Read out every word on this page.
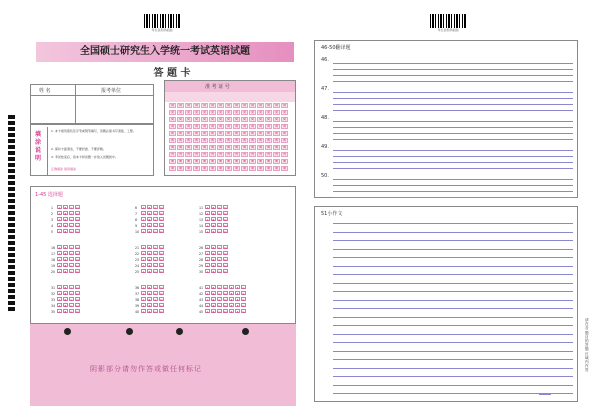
考生条形码粘贴
全国硕士研究生入学统一考试英语试题
答 题 卡
姓 名	报考单位
填涂说明
1. 本卡须用黑色签字笔或钢笔填写，答题必须书写清楚、工整。
2. 保持卡面清洁，不要折叠、不要弄破。
3. 考试结束后，将本卡和试题一并放入试题袋中。
正确填涂 错误填涂
准 考 证 号
[0]
[1]
[2]
[3]
[4]
[5]
[6]
[7]
[8]
[9]
[0]
[1]
[2]
[3]
[4]
[5]
[6]
[7]
[8]
[9]
[0]
[1]
[2]
[3]
[4]
[5]
[6]
[7]
[8]
[9]
[0]
[1]
[2]
[3]
[4]
[5]
[6]
[7]
[8]
[9]
[0]
[1]
[2]
[3]
[4]
[5]
[6]
[7]
[8]
[9]
[0]
[1]
[2]
[3]
[4]
[5]
[6]
[7]
[8]
[9]
[0]
[1]
[2]
[3]
[4]
[5]
[6]
[7]
[8]
[9]
[0]
[1]
[2]
[3]
[4]
[5]
[6]
[7]
[8]
[9]
[0]
[1]
[2]
[3]
[4]
[5]
[6]
[7]
[8]
[9]
[0]
[1]
[2]
[3]
[4]
[5]
[6]
[7]
[8]
[9]
[0]
[1]
[2]
[3]
[4]
[5]
[6]
[7]
[8]
[9]
[0]
[1]
[2]
[3]
[4]
[5]
[6]
[7]
[8]
[9]
[0]
[1]
[2]
[3]
[4]
[5]
[6]
[7]
[8]
[9]
[0]
[1]
[2]
[3]
[4]
[5]
[6]
[7]
[8]
[9]
[0]
[1]
[2]
[3]
[4]
[5]
[6]
[7]
[8]
[9]
1-45 选择题
1 A B C D
2 A B C D
3 A B C D
4 A B C D
5 A B C D
6 A B C D
7 A B C D
8 A B C D
9 A B C D
10 A B C D
11 A B C D
12 A B C D
13 A B C D
14 A B C D
15 A B C D
16 A B C D
17 A B C D
18 A B C D
19 A B C D
20 A B C D
21 A B C D
22 A B C D
23 A B C D
24 A B C D
25 A B C D
26 A B C D
27 A B C D
28 A B C D
29 A B C D
30 A B C D
31 A B C D
32 A B C D
33 A B C D
34 A B C D
35 A B C D
36 A B C D
37 A B C D
38 A B C D
39 A B C D
40 A B C D
41 A B C D E F G
42 A B C D E F G
43 A B C D E F G
44 A B C D E F G
45 A B C D E F G
阴影部分请勿作答或做任何标记
考生条形码粘贴
46-50翻译题
46.
47.
48.
49.
50.
51小作文
请在各题目的答题区域内作答
